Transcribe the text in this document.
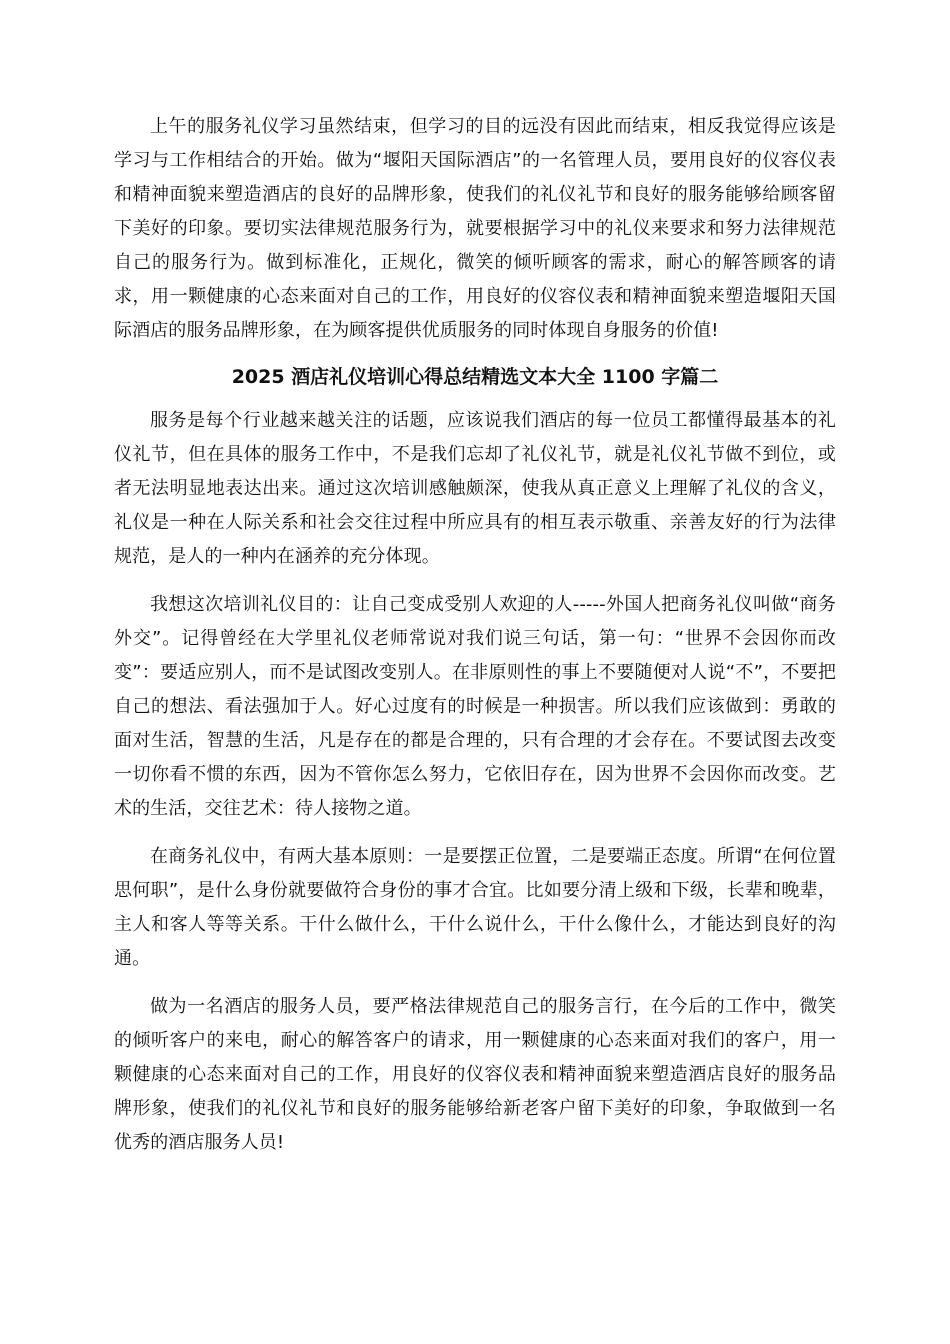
上午的服务礼仪学习虽然结束，但学习的目的远没有因此而结束，相反我觉得应该是学习与工作相结合的开始。做为“堰阳天国际酒店”的一名管理人员，要用良好的仪容仪表和精神面貌来塑造酒店的良好的品牌形象，使我们的礼仪礼节和良好的服务能够给顾客留下美好的印象。要切实法律规范服务行为，就要根据学习中的礼仪来要求和努力法律规范自己的服务行为。做到标准化，正规化，微笑的倾听顾客的需求，耐心的解答顾客的请求，用一颗健康的心态来面对自己的工作，用良好的仪容仪表和精神面貌来塑造堰阳天国际酒店的服务品牌形象，在为顾客提供优质服务的同时体现自身服务的价值!

2025 酒店礼仪培训心得总结精选文本大全 1100 字篇二

服务是每个行业越来越关注的话题，应该说我们酒店的每一位员工都懂得最基本的礼仪礼节，但在具体的服务工作中，不是我们忘却了礼仪礼节，就是礼仪礼节做不到位，或者无法明显地表达出来。通过这次培训感触颇深，使我从真正意义上理解了礼仪的含义，礼仪是一种在人际关系和社会交往过程中所应具有的相互表示敬重、亲善友好的行为法律规范，是人的一种内在涵养的充分体现。

我想这次培训礼仪目的：让自己变成受别人欢迎的人-----外国人把商务礼仪叫做“商务外交”。记得曾经在大学里礼仪老师常说对我们说三句话，第一句：“世界不会因你而改变”：要适应别人，而不是试图改变别人。在非原则性的事上不要随便对人说“不”，不要把自己的想法、看法强加于人。好心过度有的时候是一种损害。所以我们应该做到：勇敢的面对生活，智慧的生活，凡是存在的都是合理的，只有合理的才会存在。不要试图去改变一切你看不惯的东西，因为不管你怎么努力，它依旧存在，因为世界不会因你而改变。艺术的生活，交往艺术：待人接物之道。

在商务礼仪中，有两大基本原则：一是要摆正位置，二是要端正态度。所谓“在何位置思何职”，是什么身份就要做符合身份的事才合宜。比如要分清上级和下级，长辈和晚辈，主人和客人等等关系。干什么做什么，干什么说什么，干什么像什么，才能达到良好的沟通。

做为一名酒店的服务人员，要严格法律规范自己的服务言行，在今后的工作中，微笑的倾听客户的来电，耐心的解答客户的请求，用一颗健康的心态来面对我们的客户，用一颗健康的心态来面对自己的工作，用良好的仪容仪表和精神面貌来塑造酒店良好的服务品牌形象，使我们的礼仪礼节和良好的服务能够给新老客户留下美好的印象，争取做到一名优秀的酒店服务人员!
